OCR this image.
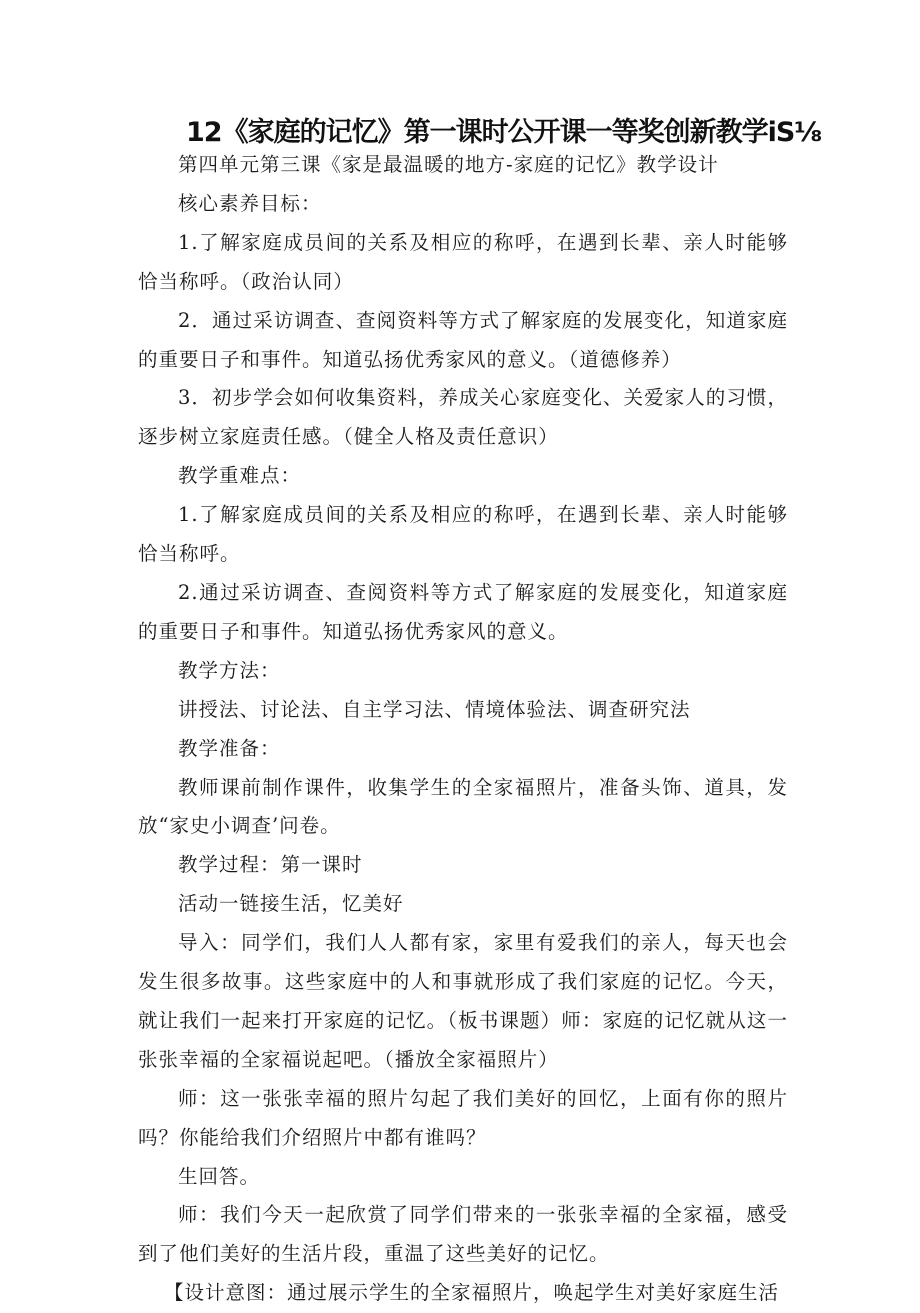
12《家庭的记忆》第一课时公开课一等奖创新教学iS⅛

第四单元第三课《家是最温暖的地方-家庭的记忆》教学设计

核心素养目标：

1.了解家庭成员间的关系及相应的称呼，在遇到长辈、亲人时能够恰当称呼。（政治认同）

2．通过采访调查、查阅资料等方式了解家庭的发展变化，知道家庭的重要日子和事件。知道弘扬优秀家风的意义。（道德修养）

3．初步学会如何收集资料，养成关心家庭变化、关爱家人的习惯，逐步树立家庭责任感。（健全人格及责任意识）

教学重难点：

1.了解家庭成员间的关系及相应的称呼，在遇到长辈、亲人时能够恰当称呼。

2.通过采访调查、查阅资料等方式了解家庭的发展变化，知道家庭的重要日子和事件。知道弘扬优秀家风的意义。

教学方法：

讲授法、讨论法、自主学习法、情境体验法、调查研究法

教学准备：

教师课前制作课件，收集学生的全家福照片，准备头饰、道具，发放“家史小调查’问卷。

教学过程：第一课时

活动一链接生活，忆美好

导入：同学们，我们人人都有家，家里有爱我们的亲人，每天也会发生很多故事。这些家庭中的人和事就形成了我们家庭的记忆。今天，就让我们一起来打开家庭的记忆。（板书课题）师：家庭的记忆就从这一张张幸福的全家福说起吧。（播放全家福照片）

师：这一张张幸福的照片勾起了我们美好的回忆，上面有你的照片吗？你能给我们介绍照片中都有谁吗？

生回答。

师：我们今天一起欣赏了同学们带来的一张张幸福的全家福，感受到了他们美好的生活片段，重温了这些美好的记忆。

【设计意图：通过展示学生的全家福照片，唤起学生对美好家庭生活
